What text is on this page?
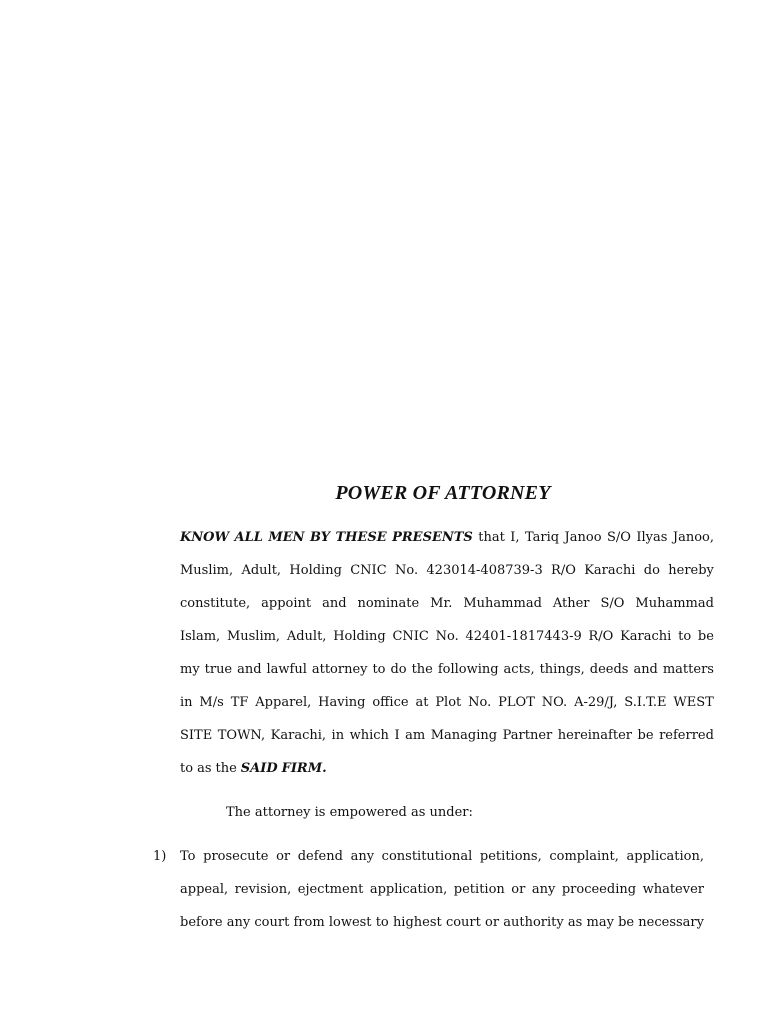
POWER OF ATTORNEY
KNOW ALL MEN BY THESE PRESENTS that I, Tariq Janoo S/O Ilyas Janoo,
Muslim, Adult, Holding CNIC No. 423014-408739-3 R/O Karachi do hereby
constitute, appoint and nominate Mr. Muhammad Ather S/O Muhammad
Islam, Muslim, Adult, Holding CNIC No. 42401-1817443-9 R/O Karachi to be
my true and lawful attorney to do the following acts, things, deeds and matters
in M/s TF Apparel, Having office at Plot No. PLOT NO. A-29/J, S.I.T.E WEST
SITE TOWN, Karachi, in which I am Managing Partner hereinafter be referred
to as the SAID FIRM.
The attorney is empowered as under:
1) To prosecute or defend any constitutional petitions, complaint, application,
appeal, revision, ejectment application, petition or any proceeding whatever
before any court from lowest to highest court or authority as may be necessary
